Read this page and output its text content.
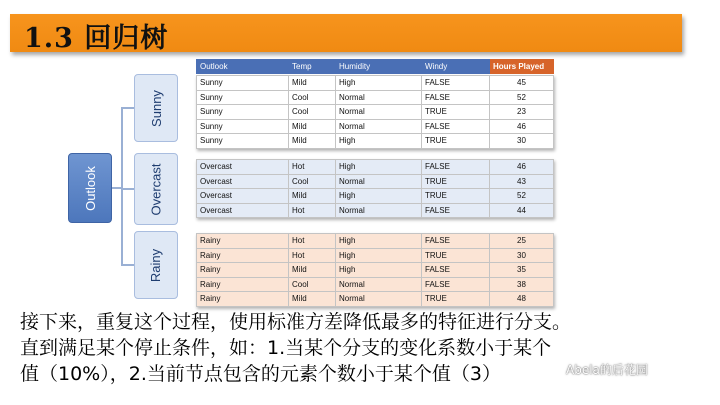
1.3 回归树
Outlook
Sunny
Overcast
Rainy
Outlook	Temp	Humidity	Windy	Hours Played
Sunny	Mild	High	FALSE	45
Sunny	Cool	Normal	FALSE	52
Sunny	Cool	Normal	TRUE	23
Sunny	Mild	Normal	FALSE	46
Sunny	Mild	High	TRUE	30
Overcast	Hot	High	FALSE	46
Overcast	Cool	Normal	TRUE	43
Overcast	Mild	High	TRUE	52
Overcast	Hot	Normal	FALSE	44
Rainy	Hot	High	FALSE	25
Rainy	Hot	High	TRUE	30
Rainy	Mild	High	FALSE	35
Rainy	Cool	Normal	FALSE	38
Rainy	Mild	Normal	TRUE	48
接下来，重复这个过程，使用标准方差降低最多的特征进行分支。
直到满足某个停止条件，如：1.当某个分支的变化系数小于某个
值（10%），2.当前节点包含的元素个数小于某个值（3）	Abela的后花园
